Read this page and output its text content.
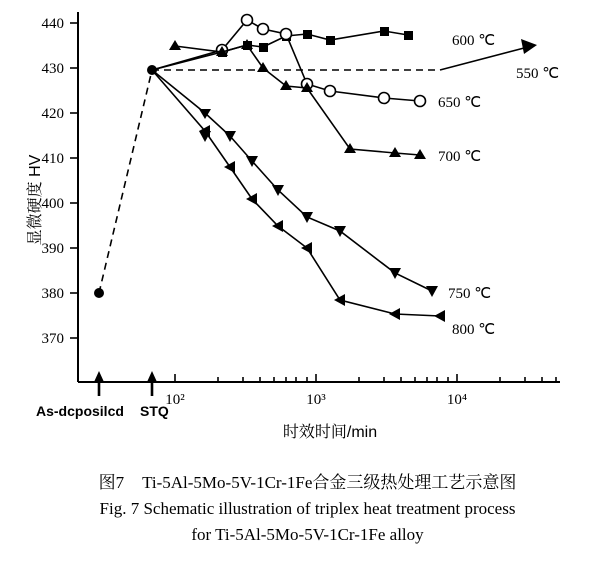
440
430
420
410
400
390
380
370
10²	10³	10⁴
显微硬度 HV
时效时间/min
As-dcposilcd STQ
600 ℃
650 ℃
700 ℃
750 ℃
800 ℃
550 ℃
图7 Ti-5Al-5Mo-5V-1Cr-1Fe合金三级热处理工艺示意图
Fig. 7 Schematic illustration of triplex heat treatment process
for Ti-5Al-5Mo-5V-1Cr-1Fe alloy
